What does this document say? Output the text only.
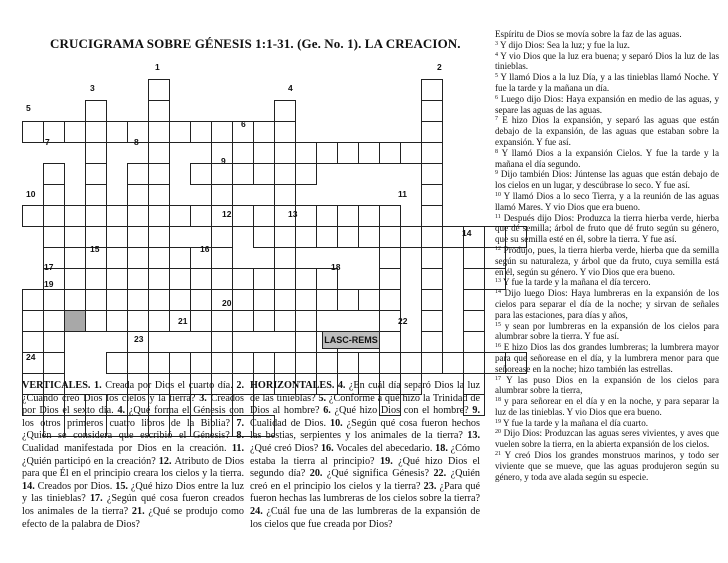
CRUCIGRAMA SOBRE GÉNESIS 1:1-31. (Ge. No. 1). LA CREACION.
1	2
3	4
5
6
7	8
9
10	11
12	13
14
15	16
17	18
19
20
21	22
23
24
LASC-REMS
VERTICALES. 1. Creada por Dios el cuarto día. 2. ¿Cuando creó Dios los cielos y la tierra? 3. Creados por Dios el sexto día. 4. ¿Qué forma el Génesis con los otros primeros cuatro libros de la Biblia? 7. ¿Quién se considera que escribió el Génesis? 8. Cualidad manifestada por Dios en la creación. 11. ¿Quién participó en la creación? 12. Atributo de Dios para que Él en el principio creara los cielos y la tierra. 14. Creados por Dios. 15. ¿Qué hizo Dios entre la luz y las tinieblas? 17. ¿Según qué cosa fueron creados los animales de la tierra? 21. ¿Qué se produjo como efecto de la palabra de Dios?
HORIZONTALES. 4. ¿En cuál día separó Dios la luz de las tinieblas? 5. ¿Conforme a qué hizo la Trinidad de Dios al hombre? 6. ¿Qué hizo Dios con el hombre? 9. Cualidad de Dios. 10. ¿Según qué cosa fueron hechos las bestias, serpientes y los animales de la tierra? 13. ¿Qué creó Dios? 16. Vocales del abecedario. 18. ¿Cómo estaba la tierra al principio? 19. ¿Qué hizo Dios el segundo día? 20. ¿Qué significa Génesis? 22. ¿Quién creó en el principio los cielos y la tierra? 23. ¿Para qué fueron hechas las lumbreras de los cielos sobre la tierra? 24. ¿Cuál fue una de las lumbreras de la expansión de los cielos que fue creada por Dios?

Espíritu de Dios se movía sobre la faz de las aguas.

$^3$ Y dijo Dios: Sea la luz; y fue la luz.

$^4$ Y vio Dios que la luz era buena; y separó Dios la luz de las tinieblas.

$^5$ Y llamó Dios a la luz Día, y a las tinieblas llamó Noche. Y fue la tarde y la mañana un día.

$^6$ Luego dijo Dios: Haya expansión en medio de las aguas, y separe las aguas de las aguas.

$^7$ E hizo Dios la expansión, y separó las aguas que están debajo de la expansión, de las aguas que estaban sobre la expansión. Y fue así.

$^8$ Y llamó Dios a la expansión Cielos. Y fue la tarde y la mañana el día segundo.

$^9$ Dijo también Dios: Júntense las aguas que están debajo de los cielos en un lugar, y descúbrase lo seco. Y fue así.

$^{10}$ Y llamó Dios a lo seco Tierra, y a la reunión de las aguas llamó Mares. Y vio Dios que era bueno.

$^{11}$ Después dijo Dios: Produzca la tierra hierba verde, hierba que dé semilla; árbol de fruto que dé fruto según su género, que su semilla esté en él, sobre la tierra. Y fue así.

$^{12}$ Produjo, pues, la tierra hierba verde, hierba que da semilla según su naturaleza, y árbol que da fruto, cuya semilla está en él, según su género. Y vio Dios que era bueno.

$^{13}$ Y fue la tarde y la mañana el día tercero.

$^{14}$ Dijo luego Dios: Haya lumbreras en la expansión de los cielos para separar el día de la noche; y sirvan de señales para las estaciones, para días y años,

$^{15}$ y sean por lumbreras en la expansión de los cielos para alumbrar sobre la tierra. Y fue así.

$^{16}$ E hizo Dios las dos grandes lumbreras; la lumbrera mayor para que señorease en el día, y la lumbrera menor para que señorease en la noche; hizo también las estrellas.

$^{17}$ Y las puso Dios en la expansión de los cielos para alumbrar sobre la tierra,

$^{18}$ y para señorear en el día y en la noche, y para separar la luz de las tinieblas. Y vio Dios que era bueno.

$^{19}$ Y fue la tarde y la mañana el día cuarto.

$^{20}$ Dijo Dios: Produzcan las aguas seres vivientes, y aves que vuelen sobre la tierra, en la abierta expansión de los cielos.

$^{21}$ Y creó Dios los grandes monstruos marinos, y todo ser viviente que se mueve, que las aguas produjeron según su género, y toda ave alada según su especie.
